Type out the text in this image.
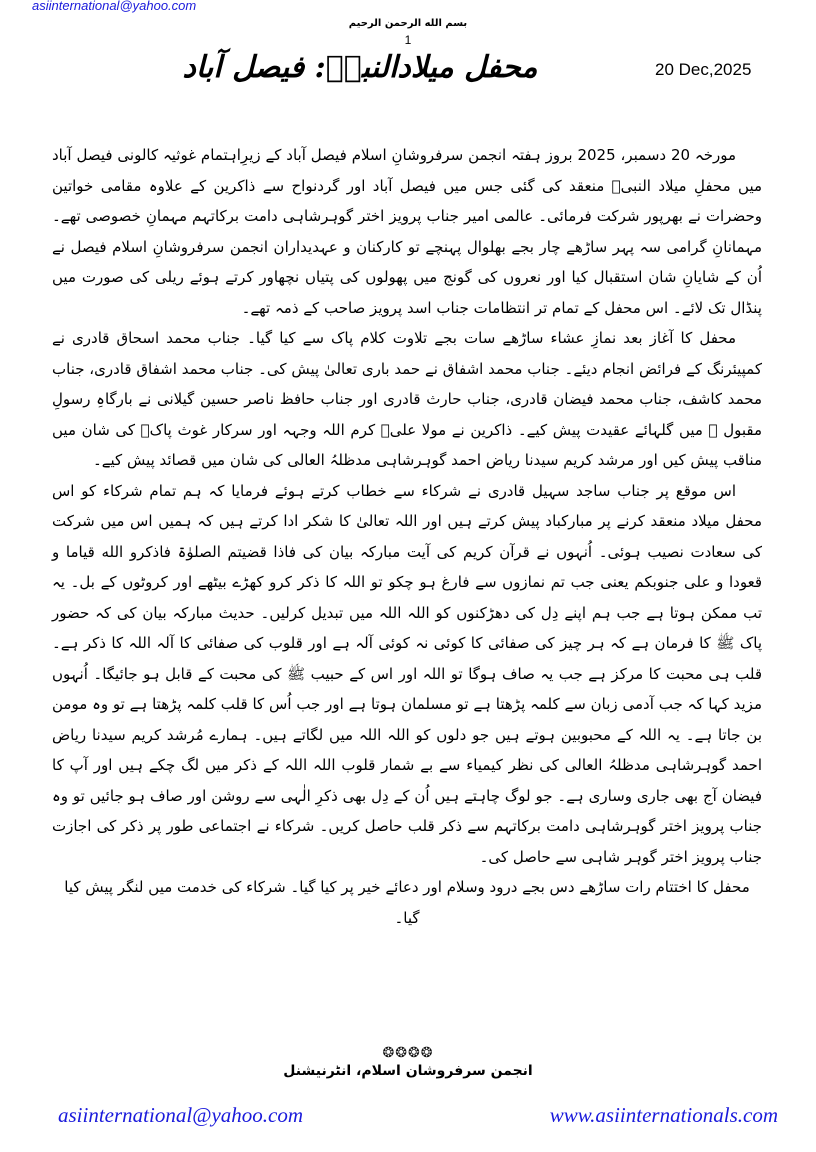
asiinternational@yahoo.com
بسم الله الرحمن الرحیم
1
محفل میلادالنبیؐ: فیصل آباد	20 Dec,2025

مورخہ 20 دسمبر، 2025 بروز ہفتہ انجمن سرفروشانِ اسلام فیصل آباد کے زیرِاہتمام غوثیہ کالونی فیصل آباد میں محفلِ میلاد النبیؐ منعقد کی گئی جس میں فیصل آباد اور گردنواح سے ذاکرین کے علاوہ مقامی خواتین وحضرات نے بھرپور شرکت فرمائی۔ عالمی امیر جناب پرویز اختر گوہرشاہی دامت برکاتہم مہمانِ خصوصی تھے۔ مہمانانِ گرامی سہ پہر ساڑھے چار بجے بھلوال پہنچے تو کارکنان و عہدیداران انجمن سرفروشانِ اسلام فیصل نے اُن کے شایانِ شان استقبال کیا اور نعروں کی گونج میں پھولوں کی پتیاں نچھاور کرتے ہوئے ریلی کی صورت میں پنڈال تک لائے۔ اس محفل کے تمام تر انتظامات جناب اسد پرویز صاحب کے ذمہ تھے۔

محفل کا آغاز بعد نمازِ عشاء ساڑھے سات بجے تلاوت کلام پاک سے کیا گیا۔ جناب محمد اسحاق قادری نے کمپیئرنگ کے فرائض انجام دیئے۔ جناب محمد اشفاق نے حمد باری تعالیٰ پیش کی۔ جناب محمد اشفاق قادری، جناب محمد کاشف، جناب محمد فیضان قادری، جناب حارث قادری اور جناب حافظ ناصر حسین گیلانی نے بارگاہِ رسولِ مقبول ﷺ میں گلہائے عقیدت پیش کیے۔ ذاکرین نے مولا علیؑ کرم اللہ وجہہ اور سرکار غوث پاکؓ کی شان میں مناقب پیش کیں اور مرشد کریم سیدنا ریاض احمد گوہرشاہی مدظلہُ العالی کی شان میں قصائد پیش کیے۔

اس موقع پر جناب ساجد سہیل قادری نے شرکاء سے خطاب کرتے ہوئے فرمایا کہ ہم تمام شرکاء کو اس محفل میلاد منعقد کرنے پر مبارکباد پیش کرتے ہیں اور اللہ تعالیٰ کا شکر ادا کرتے ہیں کہ ہمیں اس میں شرکت کی سعادت نصیب ہوئی۔ اُنہوں نے قرآن کریم کی آیت مبارکہ بیان کی فاذا قضیتم الصلوٰۃ فاذکرو الله قیاما و قعودا و علی جنوبکم یعنی جب تم نمازوں سے فارغ ہو چکو تو اللہ کا ذکر کرو کھڑے بیٹھے اور کروٹوں کے بل۔ یہ تب ممکن ہوتا ہے جب ہم اپنے دِل کی دھڑکنوں کو اللہ اللہ میں تبدیل کرلیں۔ حدیث مبارکہ بیان کی کہ حضور پاک ﷺ کا فرمان ہے کہ ہر چیز کی صفائی کا کوئی نہ کوئی آلہ ہے اور قلوب کی صفائی کا آلہ اللہ کا ذکر ہے۔ قلب ہی محبت کا مرکز ہے جب یہ صاف ہوگا تو اللہ اور اس کے حبیب ﷺ کی محبت کے قابل ہو جائیگا۔ اُنہوں مزید کہا کہ جب آدمی زبان سے کلمہ پڑھتا ہے تو مسلمان ہوتا ہے اور جب اُس کا قلب کلمہ پڑھتا ہے تو وہ مومن بن جاتا ہے۔ یہ اللہ کے محبوبین ہوتے ہیں جو دلوں کو اللہ اللہ میں لگاتے ہیں۔ ہمارے مُرشد کریم سیدنا ریاض احمد گوہرشاہی مدظلہُ العالی کی نظر کیمیاء سے بے شمار قلوب اللہ اللہ کے ذکر میں لگ چکے ہیں اور آپ کا فیضان آج بھی جاری وساری ہے۔ جو لوگ چاہتے ہیں اُن کے دِل بھی ذکرِ الٰہی سے روشن اور صاف ہو جائیں تو وہ جناب پرویز اختر گوہرشاہی دامت برکاتہم سے ذکر قلب حاصل کریں۔ شرکاء نے اجتماعی طور پر ذکر کی اجازت جناب پرویز اختر گوہر شاہی سے حاصل کی۔

محفل کا اختتام رات ساڑھے دس بجے درود وسلام اور دعائے خیر پر کیا گیا۔ شرکاء کی خدمت میں لنگر پیش کیا گیا۔

❂❂❂❂
انجمن سرفروشان اسلام، انٹرنیشنل
asiinternational@yahoo.com	www.asiinternationals.com
